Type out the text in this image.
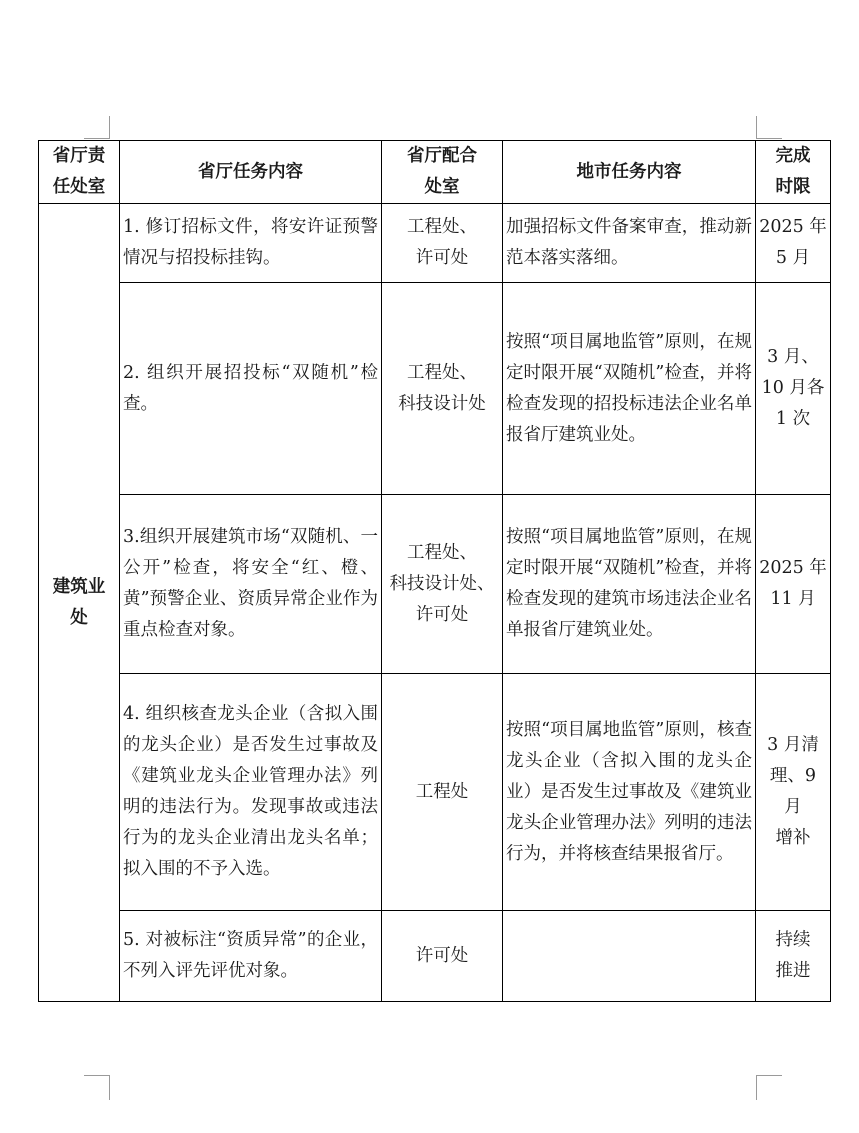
省厅责
任处室	省厅任务内容	省厅配合
处室	地市任务内容	完成
时限

建筑业
处	1. 修订招标文件，将安许证预警情况与招投标挂钩。	工程处、
许可处	加强招标文件备案审查，推动新范本落实落细。	2025 年
5 月

	2. 组织开展招投标“双随机”检查。	工程处、
科技设计处	按照“项目属地监管”原则，在规定时限开展“双随机”检查，并将检查发现的招投标违法企业名单报省厅建筑业处。	3 月、
10 月各
1 次

	3.组织开展建筑市场“双随机、一公开”检查，将安全“红、橙、黄”预警企业、资质异常企业作为重点检查对象。	工程处、
科技设计处、
许可处	按照“项目属地监管”原则，在规定时限开展“双随机”检查，并将检查发现的建筑市场违法企业名单报省厅建筑业处。	2025 年
11 月

	4. 组织核查龙头企业（含拟入围的龙头企业）是否发生过事故及《建筑业龙头企业管理办法》列明的违法行为。发现事故或违法行为的龙头企业清出龙头名单；拟入围的不予入选。	工程处	按照“项目属地监管”原则，核查龙头企业（含拟入围的龙头企业）是否发生过事故及《建筑业龙头企业管理办法》列明的违法行为，并将核查结果报省厅。	3 月清
理、9 月
增补

	5. 对被标注“资质异常”的企业，不列入评先评优对象。	许可处		持续
推进
